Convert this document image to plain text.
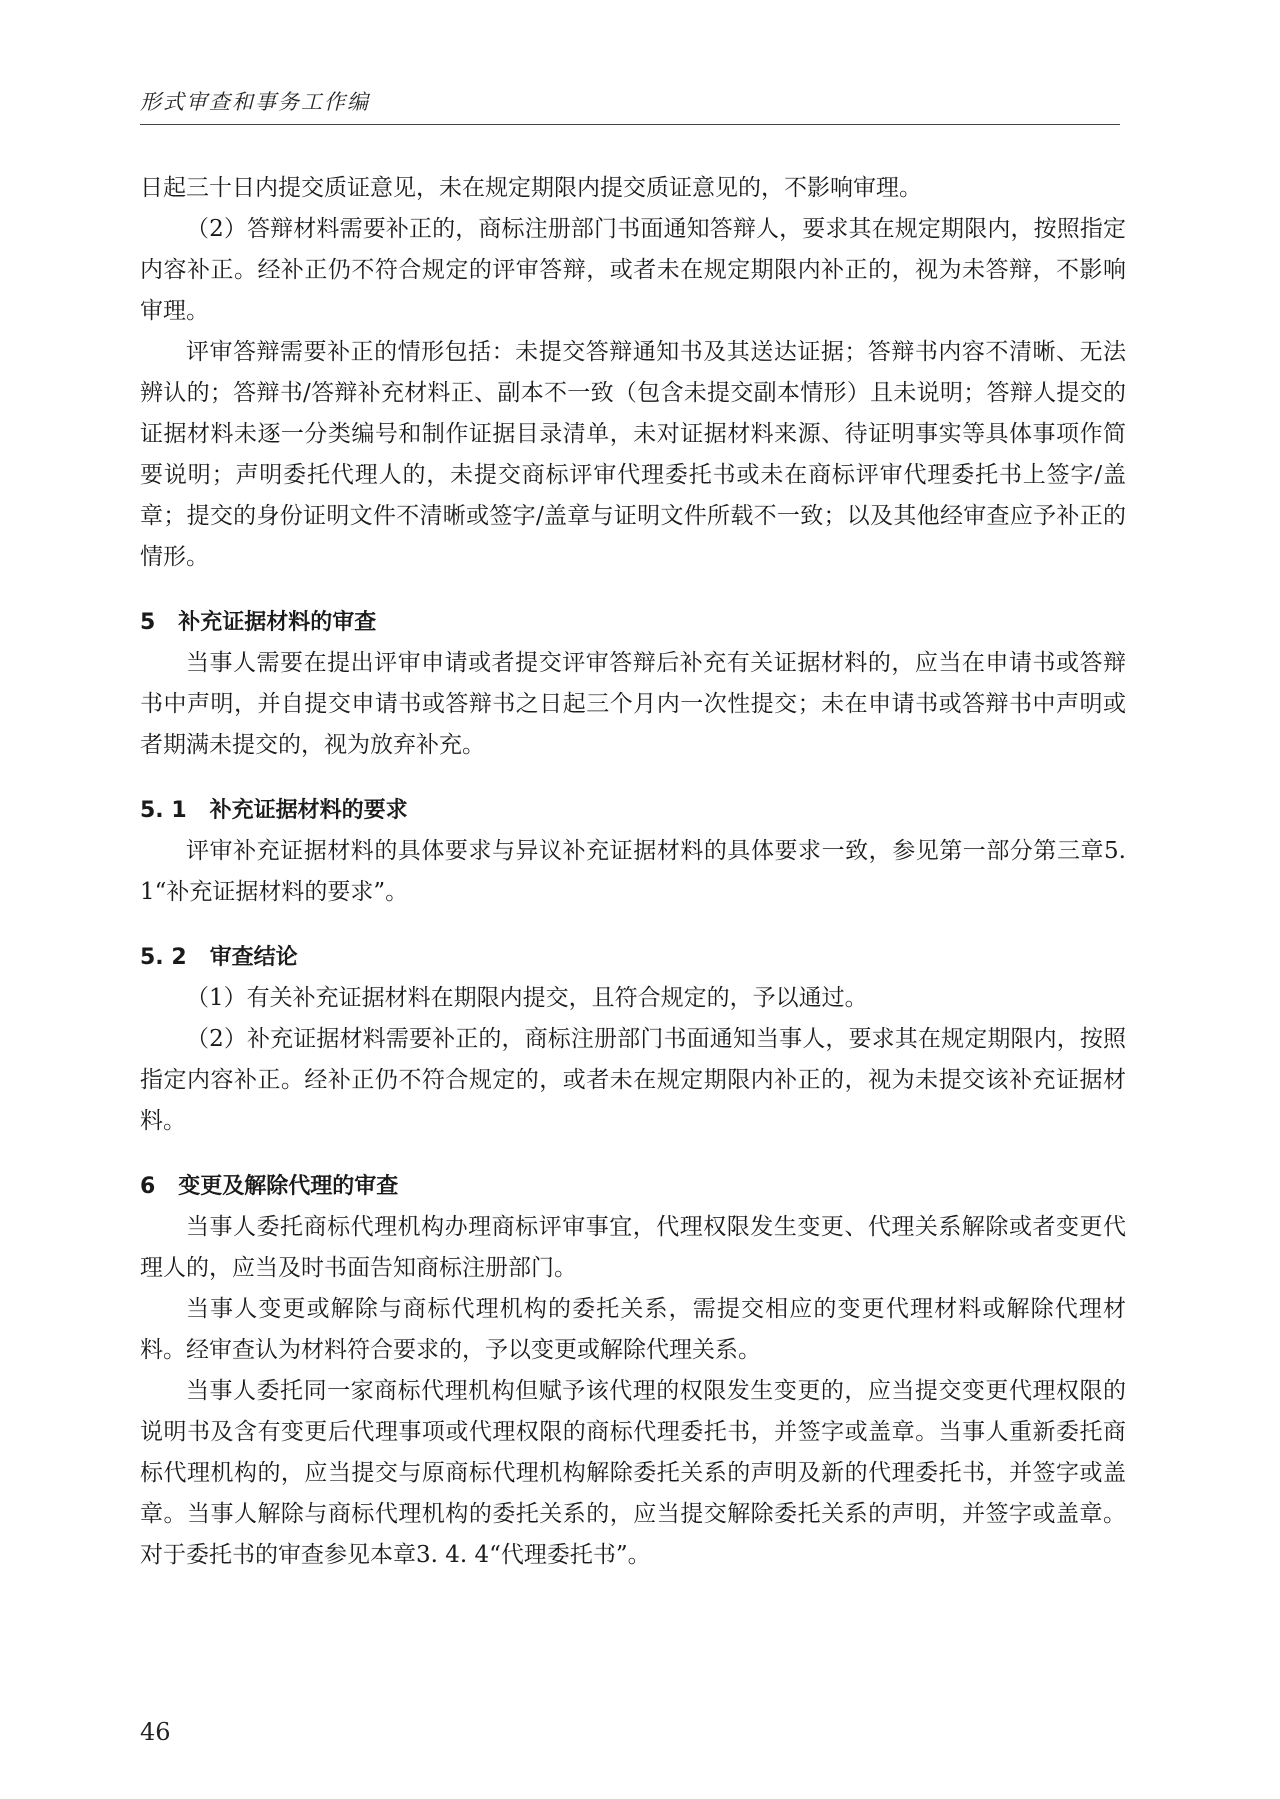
形式审查和事务工作编

日起三十日内提交质证意见，未在规定期限内提交质证意见的，不影响审理。

（2）答辩材料需要补正的，商标注册部门书面通知答辩人，要求其在规定期限内，按照指定内容补正。经补正仍不符合规定的评审答辩，或者未在规定期限内补正的，视为未答辩，不影响审理。

评审答辩需要补正的情形包括：未提交答辩通知书及其送达证据；答辩书内容不清晰、无法辨认的；答辩书/答辩补充材料正、副本不一致（包含未提交副本情形）且未说明；答辩人提交的证据材料未逐一分类编号和制作证据目录清单，未对证据材料来源、待证明事实等具体事项作简要说明；声明委托代理人的，未提交商标评审代理委托书或未在商标评审代理委托书上签字/盖章；提交的身份证明文件不清晰或签字/盖章与证明文件所载不一致；以及其他经审查应予补正的情形。

5   补充证据材料的审查

当事人需要在提出评审申请或者提交评审答辩后补充有关证据材料的，应当在申请书或答辩书中声明，并自提交申请书或答辩书之日起三个月内一次性提交；未在申请书或答辩书中声明或者期满未提交的，视为放弃补充。

5. 1   补充证据材料的要求

评审补充证据材料的具体要求与异议补充证据材料的具体要求一致，参见第一部分第三章5. 1“补充证据材料的要求”。

5. 2   审查结论

（1）有关补充证据材料在期限内提交，且符合规定的，予以通过。

（2）补充证据材料需要补正的，商标注册部门书面通知当事人，要求其在规定期限内，按照指定内容补正。经补正仍不符合规定的，或者未在规定期限内补正的，视为未提交该补充证据材料。

6   变更及解除代理的审查

当事人委托商标代理机构办理商标评审事宜，代理权限发生变更、代理关系解除或者变更代理人的，应当及时书面告知商标注册部门。

当事人变更或解除与商标代理机构的委托关系，需提交相应的变更代理材料或解除代理材料。经审查认为材料符合要求的，予以变更或解除代理关系。

当事人委托同一家商标代理机构但赋予该代理的权限发生变更的，应当提交变更代理权限的说明书及含有变更后代理事项或代理权限的商标代理委托书，并签字或盖章。当事人重新委托商标代理机构的，应当提交与原商标代理机构解除委托关系的声明及新的代理委托书，并签字或盖章。当事人解除与商标代理机构的委托关系的，应当提交解除委托关系的声明，并签字或盖章。对于委托书的审查参见本章3. 4. 4“代理委托书”。

46
